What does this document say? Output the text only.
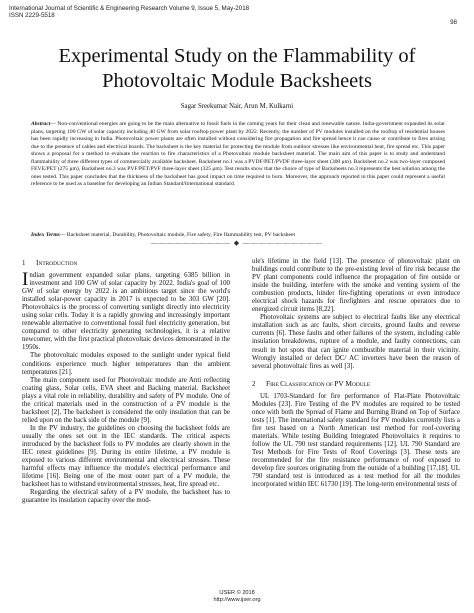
International Journal of Scientific & Engineering Research Volume 9, Issue 5, May-2018
ISSN 2229-5518
98
Experimental Study on the Flammability of
Photovoltaic Module Backsheets
Sagar Sreekumar Nair, Arun M. Kulkarni

Abstract— Non-conventional energies are going to be the main alternative to fossil fuels in the coming years for their clean and renewable nature. India-government expanded its solar plans, targeting 100 GW of solar capacity including 40 GW from solar rooftop power plant by 2022. Recently, the number of PV modules installed on the rooftop of residential houses has been rapidly increasing in India. Photovoltaic power plants are often installed without considering fire propagation and fire spread hence it can cause or contribute to fires arising due to the presence of cables and electrical boards. The backsheet is the key material for protecting the module from outdoor stresses like environmental heat, fire spread etc. This paper shows a proposal for a method to evaluate the reaction to fire characteristics of a Photovoltaic module backsheet material. The main aim of this paper is to study and understand flammability of three different types of commercially available backsheet. Backsheet no.1 was a PVDF/PET/PVDF three-layer sheet (300 μm). Backsheet no.2 was two-layer composed FEVE/PET (275 μm), Backsheet no.3 was PVF/PET/PVF three-layer sheet (325 μm). Test results show that the choice of type of Backsheets no.3 represents the best solution among the ones tested. This paper concludes that the thickness of the backsheet has good impact on time required to burn. Moreover, the approach reported in this paper could represent a useful reference to be used as a baseline for developing an Indian Standard/International standard.

Index Terms— Backsheet material, Durability, Photovoltaic module, Fire safety, Fire flammability test, PV backsheet

—————————— ◆ ——————————
1 INTRODUCTION

Indian government expanded solar plans, targeting 6385 billion in investment and 100 GW of solar capacity by 2022. India's goal of 100 GW of solar energy by 2022 is an ambitious target since the world's installed solar-power capacity in 2017 is expected to be 303 GW [20]. Photovoltaics is the process of converting sunlight directly into electricity using solar cells. Today it is a rapidly growing and increasingly important renewable alternative to conventional fossil fuel electricity generation, but compared to other electricity generating technologies, it is a relative newcomer, with the first practical photovoltaic devices demonstrated in the 1950s.

The photovoltaic modules exposed to the sunlight under typical field conditions experience much higher temperatures than the ambient temperatures [21].

The main component used for Photovoltaic module are Anti reflecting coating glass, Solar cells, EVA sheet and Backing material. Backsheet plays a vital role in reliability, durability and safety of PV module. One of the critical materials used in the construction of a PV module is the backsheet [2]. The backsheet is considered the only insulation that can be relied upon on the back side of the module [9].

In the PV industry, the guidelines on choosing the backsheet folds are usually the ones set out in the IEC standards. The critical aspects introduced by the backsheet foils to PV modules are clearly shown in the IEC retest guidelines [9]. During its entire lifetime, a PV module is exposed to various different environmental and electrical stresses. These harmful effects may influence the module's electrical performance and lifetime [16]. Being one of the most outer part of a PV module, the backsheet has to withstand environmental stresses, heat, fire spread etc.

Regarding the electrical safety of a PV module, the backsheet has to guarantee its insulation capacity over the mod-

ule's lifetime in the field [13]. The presence of photovoltaic plant on buildings could contribute to the pre-existing level of fire risk because the PV plant components could influence the propagation of fire outside or inside the building, interfere with the smoke and venting system of the combustion products, hinder fire-fighting operations or even introduce electrical shock hazards for firefighters and rescue operators due to energized circuit items [8,22].

Photovoltaic systems are subject to electrical faults like any electrical installation such as arc faults, short circuits, ground faults and reverse currents [6]. These faults and other failures of the system, including cable insulation breakdowns, rupture of a module, and faulty connections, can result in hot spots that can ignite combustible material in their vicinity. Wrongly installed or defect DC/ AC inverters have been the reason of several photovoltaic fires as well [3].

2 FIRE CLASSIFICATION OF PV MODULE

UL 1703-Standard for fire performance of Flat-Plate Photovoltaic Modules [23]. Fire Testing of the PV modules are required to be tested once with both the Spread of Flame and Burning Brand on Top of Surface tests [1]. The international safety standard for PV modules currently lists a fire test based on a North American test method for roof-covering materials. While testing Building Integrated Photovoltaics it requires to follow the UL 790 test standard requirements [12]. UL 790 Standard are Test Methods for Fire Tests of Roof Coverings [3]. These tests are recommended for the fire resistance performance of roof exposed to develop fire sources originating from the outside of a building [17,18]. UL 790 standard test is introduced as a test method for all the modules incorporated within IEC 61730 [19]. The long-term environmental tests of

IJSER © 2018
http://www.ijser.org
